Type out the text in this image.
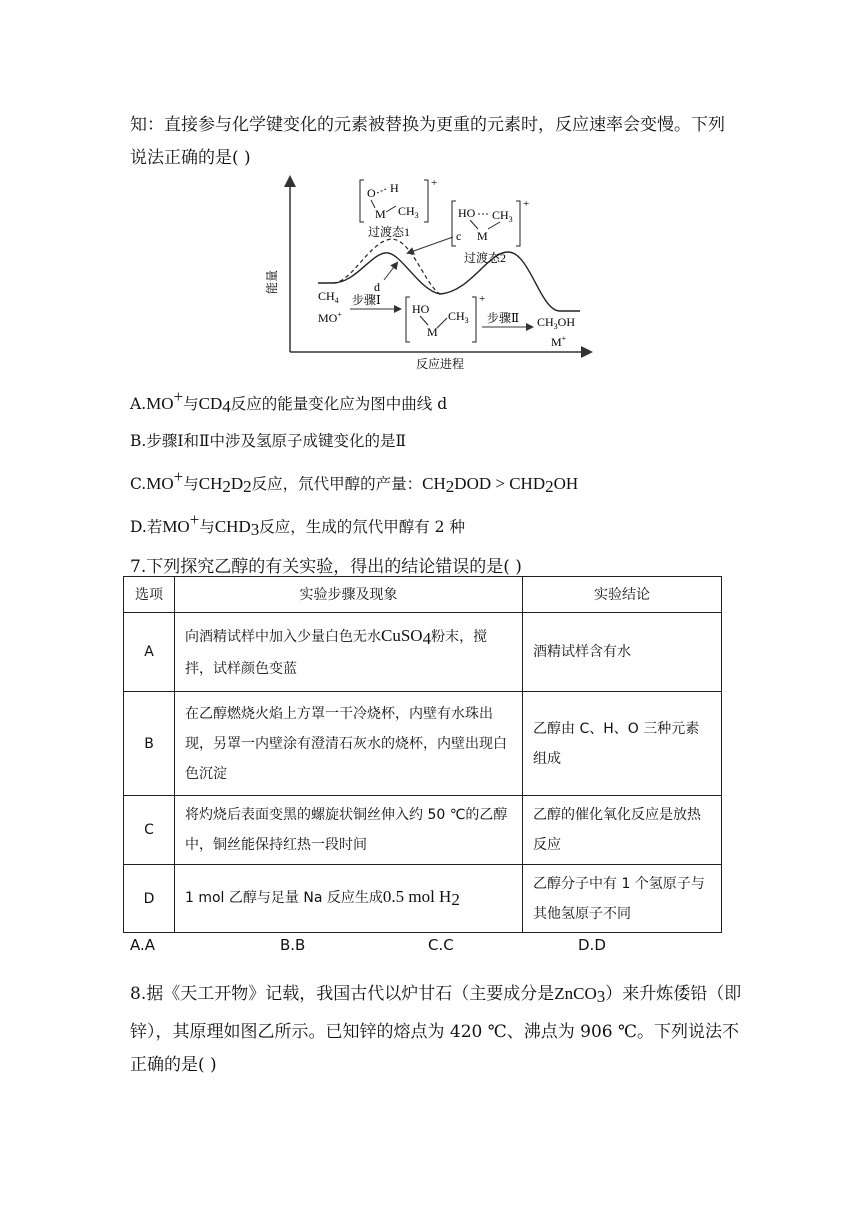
知：直接参与化学键变化的元素被替换为更重的元素时，反应速率会变慢。下列
说法正确的是( )
能量
反应进程
c
d
O H
M $CH_3$
+
过渡态1
HO $CH_3$
M
+
过渡态2
$CH_4$
MO+
步骤Ⅰ
HO
M
$CH_3$
+
步骤Ⅱ $CH_3OH$
M+
A.MO+与$CD_4$反应的能量变化应为图中曲线 d
B.步骤Ⅰ和Ⅱ中涉及氢原子成键变化的是Ⅱ
C.MO+与$CH_2D_2$反应，氘代甲醇的产量：$CH_2DOD > CHD_2OH$
D.若MO+与$CHD_3$反应，生成的氘代甲醇有 2 种
7.下列探究乙醇的有关实验，得出的结论错误的是( )
选项	实验步骤及现象	实验结论
A	向酒精试样中加入少量白色无水CuSO$_4$粉末，搅拌，试样颜色变蓝	酒精试样含有水
B	在乙醇燃烧火焰上方罩一干冷烧杯，内壁有水珠出现，另罩一内壁涂有澄清石灰水的烧杯，内壁出现白色沉淀	乙醇由 C、H、O 三种元素组成
C	将灼烧后表面变黑的螺旋状铜丝伸入约 50 ℃的乙醇中，铜丝能保持红热一段时间	乙醇的催化氧化反应是放热反应
D	1 mol 乙醇与足量 Na 反应生成0.5 mol $H_2$	乙醇分子中有 1 个氢原子与其他氢原子不同
A.A	B.B	C.C	D.D
8.据《天工开物》记载，我国古代以炉甘石（主要成分是ZnCO$_3$）来升炼倭铅（即
锌），其原理如图乙所示。已知锌的熔点为 420 ℃、沸点为 906 ℃。下列说法不
正确的是( )
